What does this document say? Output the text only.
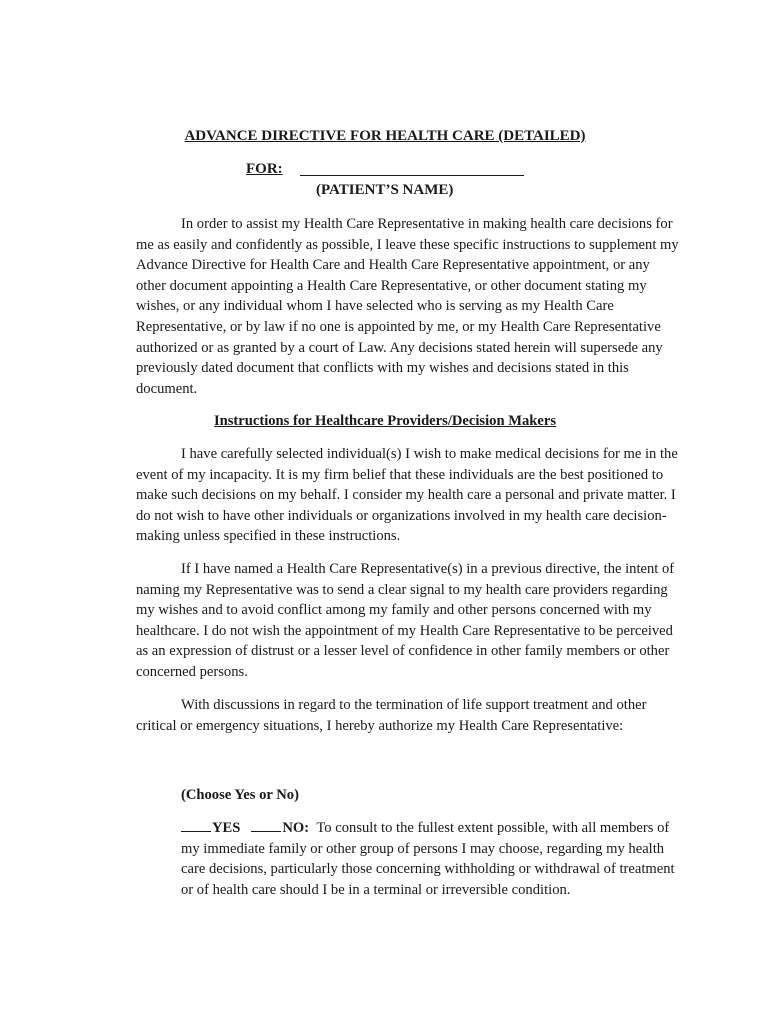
ADVANCE DIRECTIVE FOR HEALTH CARE (DETAILED)
FOR:
(PATIENT’S NAME)

In order to assist my Health Care Representative in making health care decisions for me as easily and confidently as possible, I leave these specific instructions to supplement my Advance Directive for Health Care and Health Care Representative appointment, or any other document appointing a Health Care Representative, or other document stating my wishes, or any individual whom I have selected who is serving as my Health Care Representative, or by law if no one is appointed by me, or my Health Care Representative authorized or as granted by a court of Law. Any decisions stated herein will supersede any previously dated document that conflicts with my wishes and decisions stated in this document.

Instructions for Healthcare Providers/Decision Makers

I have carefully selected individual(s) I wish to make medical decisions for me in the event of my incapacity. It is my firm belief that these individuals are the best positioned to make such decisions on my behalf. I consider my health care a personal and private matter. I do not wish to have other individuals or organizations involved in my health care decision-making unless specified in these instructions.

If I have named a Health Care Representative(s) in a previous directive, the intent of naming my Representative was to send a clear signal to my health care providers regarding my wishes and to avoid conflict among my family and other persons concerned with my healthcare. I do not wish the appointment of my Health Care Representative to be perceived as an expression of distrust or a lesser level of confidence in other family members or other concerned persons.

With discussions in regard to the termination of life support treatment and other critical or emergency situations, I hereby authorize my Health Care Representative:

(Choose Yes or No)

YES	NO: To consult to the fullest extent possible, with all members of my immediate family or other group of persons I may choose, regarding my health care decisions, particularly those concerning withholding or withdrawal of treatment or of health care should I be in a terminal or irreversible condition.
